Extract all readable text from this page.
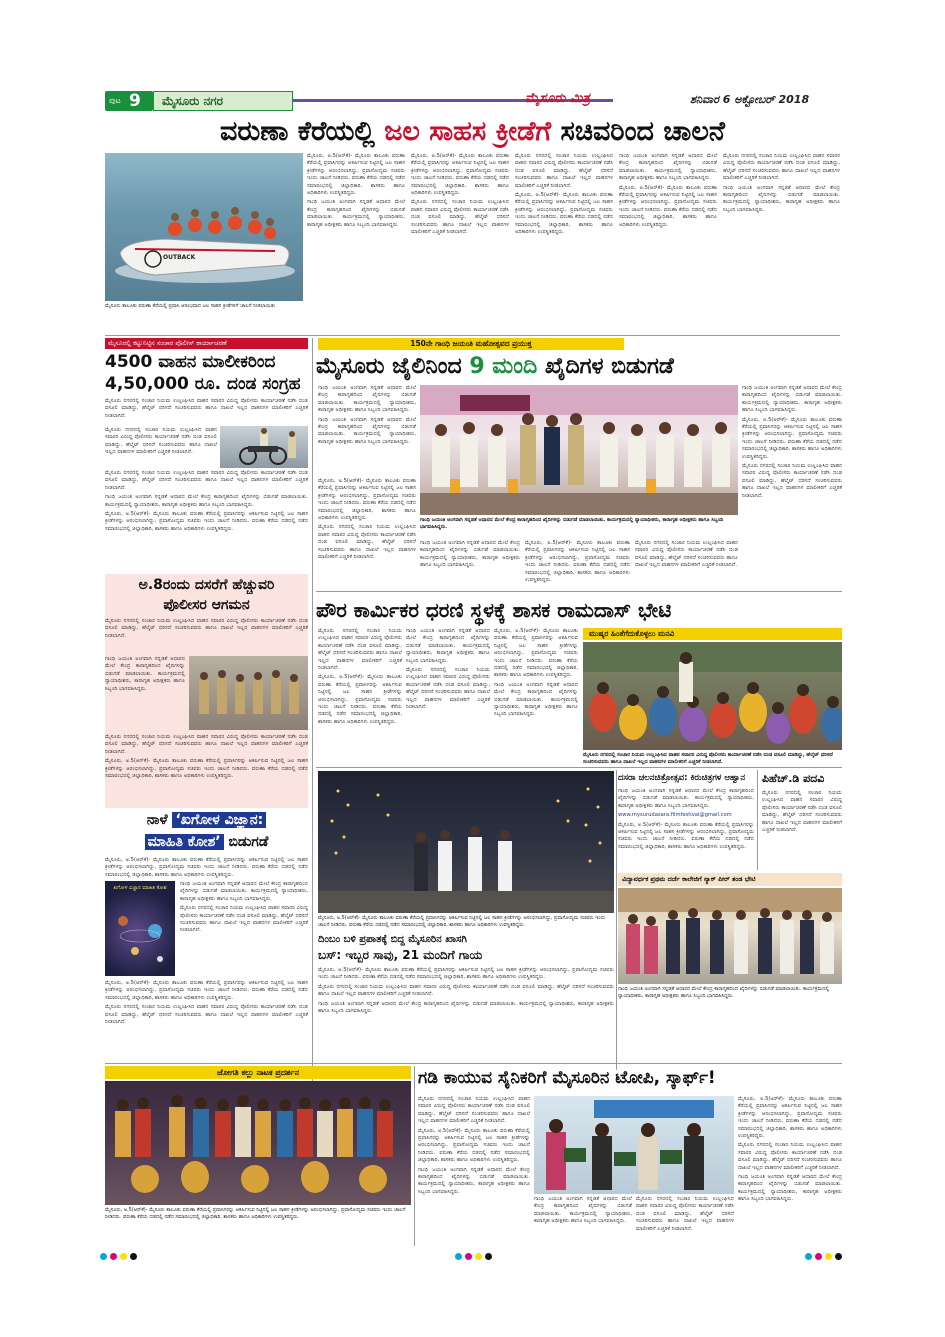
ಪುಟ 9 ಮೈಸೂರು ನಗರ	ಮೈಸೂರು ಮಿತ್ರ	ಶನಿವಾರ 6 ಅಕ್ಟೋಬರ್ 2018
ವರುಣಾ ಕೆರೆಯಲ್ಲಿ ಜಲ ಸಾಹಸ ಕ್ರೀಡೆಗೆ ಸಚಿವರಿಂದ ಚಾಲನೆ
OUTBACK
ಮೈಸೂರು ತಾಲೂಕು ವರುಣಾ ಕೆರೆಯಲ್ಲಿ ಪ್ರವಾಸಿ ಆರಂಭವಾದ ಜಲ ಸಾಹಸ ಕ್ರೀಡೆಗಳಿಗೆ ಚಾಲನೆ ನೀಡಲಾಯಿತು

ಮೈಸೂರು, ಅ.5(ಆರ್‌ಕೆ)- ಮೈಸೂರು ತಾಲೂಕು ವರುಣಾ ಕೆರೆಯಲ್ಲಿ ಪ್ರವಾಸಿಗರನ್ನು ಆಕರ್ಷಿಸುವ ನಿಟ್ಟಿನಲ್ಲಿ ಜಲ ಸಾಹಸ ಕ್ರೀಡೆಗಳನ್ನು ಆರಂಭಿಸಲಾಗಿದ್ದು, ಪ್ರವಾಸೋದ್ಯಮ ಸಚಿವರು ಇಂದು ಚಾಲನೆ ನೀಡಿದರು. ವರುಣಾ ಕೆರೆಯ ದಡದಲ್ಲಿ ನಡೆದ ಸಮಾರಂಭದಲ್ಲಿ ಜಿಲ್ಲಾಧಿಕಾರಿ, ಶಾಸಕರು ಹಾಗೂ ಅಧಿಕಾರಿಗಳು ಉಪಸ್ಥಿತರಿದ್ದರು.

ಗಾಂಧಿ ಜಯಂತಿ ಅಂಗವಾಗಿ ಸನ್ನಡತೆ ಆಧಾರದ ಮೇಲೆ ಕೇಂದ್ರ ಕಾರಾಗೃಹದಿಂದ ಖೈದಿಗಳನ್ನು ಬಿಡುಗಡೆ ಮಾಡಲಾಯಿತು. ಕಾರ್ಯಕ್ರಮದಲ್ಲಿ ನ್ಯಾಯಾಧೀಶರು, ಕಾರಾಗೃಹ ಅಧೀಕ್ಷಕರು ಹಾಗೂ ಸಿಬ್ಬಂದಿ ಭಾಗವಹಿಸಿದ್ದರು.

ಮೈಸೂರು, ಅ.5(ಆರ್‌ಕೆ)- ಮೈಸೂರು ತಾಲೂಕು ವರುಣಾ ಕೆರೆಯಲ್ಲಿ ಪ್ರವಾಸಿಗರನ್ನು ಆಕರ್ಷಿಸುವ ನಿಟ್ಟಿನಲ್ಲಿ ಜಲ ಸಾಹಸ ಕ್ರೀಡೆಗಳನ್ನು ಆರಂಭಿಸಲಾಗಿದ್ದು, ಪ್ರವಾಸೋದ್ಯಮ ಸಚಿವರು ಇಂದು ಚಾಲನೆ ನೀಡಿದರು. ವರುಣಾ ಕೆರೆಯ ದಡದಲ್ಲಿ ನಡೆದ ಸಮಾರಂಭದಲ್ಲಿ ಜಿಲ್ಲಾಧಿಕಾರಿ, ಶಾಸಕರು ಹಾಗೂ ಅಧಿಕಾರಿಗಳು ಉಪಸ್ಥಿತರಿದ್ದರು.

ಮೈಸೂರು ನಗರದಲ್ಲಿ ಸಂಚಾರ ನಿಯಮ ಉಲ್ಲಂಘಿಸಿದ ವಾಹನ ಸವಾರರ ವಿರುದ್ಧ ಪೊಲೀಸರು ಕಾರ್ಯಾಚರಣೆ ನಡೆಸಿ ದಂಡ ವಸೂಲಿ ಮಾಡಿದ್ದು, ಹೆಲ್ಮೆಟ್ ಧರಿಸದೆ ಸಂಚರಿಸುವವರು ಹಾಗೂ ದಾಖಲೆ ಇಲ್ಲದ ವಾಹನಗಳ ಮಾಲೀಕರಿಗೆ ಎಚ್ಚರಿಕೆ ನೀಡಲಾಗಿದೆ.

ಮೈಸೂರು ನಗರದಲ್ಲಿ ಸಂಚಾರ ನಿಯಮ ಉಲ್ಲಂಘಿಸಿದ ವಾಹನ ಸವಾರರ ವಿರುದ್ಧ ಪೊಲೀಸರು ಕಾರ್ಯಾಚರಣೆ ನಡೆಸಿ ದಂಡ ವಸೂಲಿ ಮಾಡಿದ್ದು, ಹೆಲ್ಮೆಟ್ ಧರಿಸದೆ ಸಂಚರಿಸುವವರು ಹಾಗೂ ದಾಖಲೆ ಇಲ್ಲದ ವಾಹನಗಳ ಮಾಲೀಕರಿಗೆ ಎಚ್ಚರಿಕೆ ನೀಡಲಾಗಿದೆ.

ಮೈಸೂರು, ಅ.5(ಆರ್‌ಕೆ)- ಮೈಸೂರು ತಾಲೂಕು ವರುಣಾ ಕೆರೆಯಲ್ಲಿ ಪ್ರವಾಸಿಗರನ್ನು ಆಕರ್ಷಿಸುವ ನಿಟ್ಟಿನಲ್ಲಿ ಜಲ ಸಾಹಸ ಕ್ರೀಡೆಗಳನ್ನು ಆರಂಭಿಸಲಾಗಿದ್ದು, ಪ್ರವಾಸೋದ್ಯಮ ಸಚಿವರು ಇಂದು ಚಾಲನೆ ನೀಡಿದರು. ವರುಣಾ ಕೆರೆಯ ದಡದಲ್ಲಿ ನಡೆದ ಸಮಾರಂಭದಲ್ಲಿ ಜಿಲ್ಲಾಧಿಕಾರಿ, ಶಾಸಕರು ಹಾಗೂ ಅಧಿಕಾರಿಗಳು ಉಪಸ್ಥಿತರಿದ್ದರು.

ಗಾಂಧಿ ಜಯಂತಿ ಅಂಗವಾಗಿ ಸನ್ನಡತೆ ಆಧಾರದ ಮೇಲೆ ಕೇಂದ್ರ ಕಾರಾಗೃಹದಿಂದ ಖೈದಿಗಳನ್ನು ಬಿಡುಗಡೆ ಮಾಡಲಾಯಿತು. ಕಾರ್ಯಕ್ರಮದಲ್ಲಿ ನ್ಯಾಯಾಧೀಶರು, ಕಾರಾಗೃಹ ಅಧೀಕ್ಷಕರು ಹಾಗೂ ಸಿಬ್ಬಂದಿ ಭಾಗವಹಿಸಿದ್ದರು.

ಮೈಸೂರು, ಅ.5(ಆರ್‌ಕೆ)- ಮೈಸೂರು ತಾಲೂಕು ವರುಣಾ ಕೆರೆಯಲ್ಲಿ ಪ್ರವಾಸಿಗರನ್ನು ಆಕರ್ಷಿಸುವ ನಿಟ್ಟಿನಲ್ಲಿ ಜಲ ಸಾಹಸ ಕ್ರೀಡೆಗಳನ್ನು ಆರಂಭಿಸಲಾಗಿದ್ದು, ಪ್ರವಾಸೋದ್ಯಮ ಸಚಿವರು ಇಂದು ಚಾಲನೆ ನೀಡಿದರು. ವರುಣಾ ಕೆರೆಯ ದಡದಲ್ಲಿ ನಡೆದ ಸಮಾರಂಭದಲ್ಲಿ ಜಿಲ್ಲಾಧಿಕಾರಿ, ಶಾಸಕರು ಹಾಗೂ ಅಧಿಕಾರಿಗಳು ಉಪಸ್ಥಿತರಿದ್ದರು.

ಮೈಸೂರು ನಗರದಲ್ಲಿ ಸಂಚಾರ ನಿಯಮ ಉಲ್ಲಂಘಿಸಿದ ವಾಹನ ಸವಾರರ ವಿರುದ್ಧ ಪೊಲೀಸರು ಕಾರ್ಯಾಚರಣೆ ನಡೆಸಿ ದಂಡ ವಸೂಲಿ ಮಾಡಿದ್ದು, ಹೆಲ್ಮೆಟ್ ಧರಿಸದೆ ಸಂಚರಿಸುವವರು ಹಾಗೂ ದಾಖಲೆ ಇಲ್ಲದ ವಾಹನಗಳ ಮಾಲೀಕರಿಗೆ ಎಚ್ಚರಿಕೆ ನೀಡಲಾಗಿದೆ.

ಗಾಂಧಿ ಜಯಂತಿ ಅಂಗವಾಗಿ ಸನ್ನಡತೆ ಆಧಾರದ ಮೇಲೆ ಕೇಂದ್ರ ಕಾರಾಗೃಹದಿಂದ ಖೈದಿಗಳನ್ನು ಬಿಡುಗಡೆ ಮಾಡಲಾಯಿತು. ಕಾರ್ಯಕ್ರಮದಲ್ಲಿ ನ್ಯಾಯಾಧೀಶರು, ಕಾರಾಗೃಹ ಅಧೀಕ್ಷಕರು ಹಾಗೂ ಸಿಬ್ಬಂದಿ ಭಾಗವಹಿಸಿದ್ದರು.

ಮೈಸೂರಲ್ಲಿ ಕಟ್ಟುನಿಟ್ಟಿನ ಸಂಚಾರ ಪೊಲೀಸ್ ಕಾರ್ಯಾಚರಣೆ
4500 ವಾಹನ ಮಾಲೀಕರಿಂದ
4,50,000 ರೂ. ದಂಡ ಸಂಗ್ರಹ

ಮೈಸೂರು ನಗರದಲ್ಲಿ ಸಂಚಾರ ನಿಯಮ ಉಲ್ಲಂಘಿಸಿದ ವಾಹನ ಸವಾರರ ವಿರುದ್ಧ ಪೊಲೀಸರು ಕಾರ್ಯಾಚರಣೆ ನಡೆಸಿ ದಂಡ ವಸೂಲಿ ಮಾಡಿದ್ದು, ಹೆಲ್ಮೆಟ್ ಧರಿಸದೆ ಸಂಚರಿಸುವವರು ಹಾಗೂ ದಾಖಲೆ ಇಲ್ಲದ ವಾಹನಗಳ ಮಾಲೀಕರಿಗೆ ಎಚ್ಚರಿಕೆ ನೀಡಲಾಗಿದೆ.

ಮೈಸೂರು ನಗರದಲ್ಲಿ ಸಂಚಾರ ನಿಯಮ ಉಲ್ಲಂಘಿಸಿದ ವಾಹನ ಸವಾರರ ವಿರುದ್ಧ ಪೊಲೀಸರು ಕಾರ್ಯಾಚರಣೆ ನಡೆಸಿ ದಂಡ ವಸೂಲಿ ಮಾಡಿದ್ದು, ಹೆಲ್ಮೆಟ್ ಧರಿಸದೆ ಸಂಚರಿಸುವವರು ಹಾಗೂ ದಾಖಲೆ ಇಲ್ಲದ ವಾಹನಗಳ ಮಾಲೀಕರಿಗೆ ಎಚ್ಚರಿಕೆ ನೀಡಲಾಗಿದೆ.

ಮೈಸೂರು ನಗರದಲ್ಲಿ ಸಂಚಾರ ನಿಯಮ ಉಲ್ಲಂಘಿಸಿದ ವಾಹನ ಸವಾರರ ವಿರುದ್ಧ ಪೊಲೀಸರು ಕಾರ್ಯಾಚರಣೆ ನಡೆಸಿ ದಂಡ ವಸೂಲಿ ಮಾಡಿದ್ದು, ಹೆಲ್ಮೆಟ್ ಧರಿಸದೆ ಸಂಚರಿಸುವವರು ಹಾಗೂ ದಾಖಲೆ ಇಲ್ಲದ ವಾಹನಗಳ ಮಾಲೀಕರಿಗೆ ಎಚ್ಚರಿಕೆ ನೀಡಲಾಗಿದೆ.

ಗಾಂಧಿ ಜಯಂತಿ ಅಂಗವಾಗಿ ಸನ್ನಡತೆ ಆಧಾರದ ಮೇಲೆ ಕೇಂದ್ರ ಕಾರಾಗೃಹದಿಂದ ಖೈದಿಗಳನ್ನು ಬಿಡುಗಡೆ ಮಾಡಲಾಯಿತು. ಕಾರ್ಯಕ್ರಮದಲ್ಲಿ ನ್ಯಾಯಾಧೀಶರು, ಕಾರಾಗೃಹ ಅಧೀಕ್ಷಕರು ಹಾಗೂ ಸಿಬ್ಬಂದಿ ಭಾಗವಹಿಸಿದ್ದರು.

ಮೈಸೂರು, ಅ.5(ಆರ್‌ಕೆ)- ಮೈಸೂರು ತಾಲೂಕು ವರುಣಾ ಕೆರೆಯಲ್ಲಿ ಪ್ರವಾಸಿಗರನ್ನು ಆಕರ್ಷಿಸುವ ನಿಟ್ಟಿನಲ್ಲಿ ಜಲ ಸಾಹಸ ಕ್ರೀಡೆಗಳನ್ನು ಆರಂಭಿಸಲಾಗಿದ್ದು, ಪ್ರವಾಸೋದ್ಯಮ ಸಚಿವರು ಇಂದು ಚಾಲನೆ ನೀಡಿದರು. ವರುಣಾ ಕೆರೆಯ ದಡದಲ್ಲಿ ನಡೆದ ಸಮಾರಂಭದಲ್ಲಿ ಜಿಲ್ಲಾಧಿಕಾರಿ, ಶಾಸಕರು ಹಾಗೂ ಅಧಿಕಾರಿಗಳು ಉಪಸ್ಥಿತರಿದ್ದರು.

ಅ.8ರಂದು ದಸರೆಗೆ ಹೆಚ್ಚುವರಿ
ಪೊಲೀಸರ ಆಗಮನ

ಮೈಸೂರು ನಗರದಲ್ಲಿ ಸಂಚಾರ ನಿಯಮ ಉಲ್ಲಂಘಿಸಿದ ವಾಹನ ಸವಾರರ ವಿರುದ್ಧ ಪೊಲೀಸರು ಕಾರ್ಯಾಚರಣೆ ನಡೆಸಿ ದಂಡ ವಸೂಲಿ ಮಾಡಿದ್ದು, ಹೆಲ್ಮೆಟ್ ಧರಿಸದೆ ಸಂಚರಿಸುವವರು ಹಾಗೂ ದಾಖಲೆ ಇಲ್ಲದ ವಾಹನಗಳ ಮಾಲೀಕರಿಗೆ ಎಚ್ಚರಿಕೆ ನೀಡಲಾಗಿದೆ.

ಗಾಂಧಿ ಜಯಂತಿ ಅಂಗವಾಗಿ ಸನ್ನಡತೆ ಆಧಾರದ ಮೇಲೆ ಕೇಂದ್ರ ಕಾರಾಗೃಹದಿಂದ ಖೈದಿಗಳನ್ನು ಬಿಡುಗಡೆ ಮಾಡಲಾಯಿತು. ಕಾರ್ಯಕ್ರಮದಲ್ಲಿ ನ್ಯಾಯಾಧೀಶರು, ಕಾರಾಗೃಹ ಅಧೀಕ್ಷಕರು ಹಾಗೂ ಸಿಬ್ಬಂದಿ ಭಾಗವಹಿಸಿದ್ದರು.

ಮೈಸೂರು ನಗರದಲ್ಲಿ ಸಂಚಾರ ನಿಯಮ ಉಲ್ಲಂಘಿಸಿದ ವಾಹನ ಸವಾರರ ವಿರುದ್ಧ ಪೊಲೀಸರು ಕಾರ್ಯಾಚರಣೆ ನಡೆಸಿ ದಂಡ ವಸೂಲಿ ಮಾಡಿದ್ದು, ಹೆಲ್ಮೆಟ್ ಧರಿಸದೆ ಸಂಚರಿಸುವವರು ಹಾಗೂ ದಾಖಲೆ ಇಲ್ಲದ ವಾಹನಗಳ ಮಾಲೀಕರಿಗೆ ಎಚ್ಚರಿಕೆ ನೀಡಲಾಗಿದೆ.

ಮೈಸೂರು, ಅ.5(ಆರ್‌ಕೆ)- ಮೈಸೂರು ತಾಲೂಕು ವರುಣಾ ಕೆರೆಯಲ್ಲಿ ಪ್ರವಾಸಿಗರನ್ನು ಆಕರ್ಷಿಸುವ ನಿಟ್ಟಿನಲ್ಲಿ ಜಲ ಸಾಹಸ ಕ್ರೀಡೆಗಳನ್ನು ಆರಂಭಿಸಲಾಗಿದ್ದು, ಪ್ರವಾಸೋದ್ಯಮ ಸಚಿವರು ಇಂದು ಚಾಲನೆ ನೀಡಿದರು. ವರುಣಾ ಕೆರೆಯ ದಡದಲ್ಲಿ ನಡೆದ ಸಮಾರಂಭದಲ್ಲಿ ಜಿಲ್ಲಾಧಿಕಾರಿ, ಶಾಸಕರು ಹಾಗೂ ಅಧಿಕಾರಿಗಳು ಉಪಸ್ಥಿತರಿದ್ದರು.

ನಾಳೆ ‘ಖಗೋಳ ವಿಜ್ಞಾನ:
ಮಾಹಿತಿ ಕೋಶ’ ಬಿಡುಗಡೆ

ಮೈಸೂರು, ಅ.5(ಆರ್‌ಕೆ)- ಮೈಸೂರು ತಾಲೂಕು ವರುಣಾ ಕೆರೆಯಲ್ಲಿ ಪ್ರವಾಸಿಗರನ್ನು ಆಕರ್ಷಿಸುವ ನಿಟ್ಟಿನಲ್ಲಿ ಜಲ ಸಾಹಸ ಕ್ರೀಡೆಗಳನ್ನು ಆರಂಭಿಸಲಾಗಿದ್ದು, ಪ್ರವಾಸೋದ್ಯಮ ಸಚಿವರು ಇಂದು ಚಾಲನೆ ನೀಡಿದರು. ವರುಣಾ ಕೆರೆಯ ದಡದಲ್ಲಿ ನಡೆದ ಸಮಾರಂಭದಲ್ಲಿ ಜಿಲ್ಲಾಧಿಕಾರಿ, ಶಾಸಕರು ಹಾಗೂ ಅಧಿಕಾರಿಗಳು ಉಪಸ್ಥಿತರಿದ್ದರು.

ಖಗೋಳ ವಿಜ್ಞಾನ ಮಾಹಿತಿ ಕೋಶ

ಗಾಂಧಿ ಜಯಂತಿ ಅಂಗವಾಗಿ ಸನ್ನಡತೆ ಆಧಾರದ ಮೇಲೆ ಕೇಂದ್ರ ಕಾರಾಗೃಹದಿಂದ ಖೈದಿಗಳನ್ನು ಬಿಡುಗಡೆ ಮಾಡಲಾಯಿತು. ಕಾರ್ಯಕ್ರಮದಲ್ಲಿ ನ್ಯಾಯಾಧೀಶರು, ಕಾರಾಗೃಹ ಅಧೀಕ್ಷಕರು ಹಾಗೂ ಸಿಬ್ಬಂದಿ ಭಾಗವಹಿಸಿದ್ದರು.

ಮೈಸೂರು ನಗರದಲ್ಲಿ ಸಂಚಾರ ನಿಯಮ ಉಲ್ಲಂಘಿಸಿದ ವಾಹನ ಸವಾರರ ವಿರುದ್ಧ ಪೊಲೀಸರು ಕಾರ್ಯಾಚರಣೆ ನಡೆಸಿ ದಂಡ ವಸೂಲಿ ಮಾಡಿದ್ದು, ಹೆಲ್ಮೆಟ್ ಧರಿಸದೆ ಸಂಚರಿಸುವವರು ಹಾಗೂ ದಾಖಲೆ ಇಲ್ಲದ ವಾಹನಗಳ ಮಾಲೀಕರಿಗೆ ಎಚ್ಚರಿಕೆ ನೀಡಲಾಗಿದೆ.

ಮೈಸೂರು, ಅ.5(ಆರ್‌ಕೆ)- ಮೈಸೂರು ತಾಲೂಕು ವರುಣಾ ಕೆರೆಯಲ್ಲಿ ಪ್ರವಾಸಿಗರನ್ನು ಆಕರ್ಷಿಸುವ ನಿಟ್ಟಿನಲ್ಲಿ ಜಲ ಸಾಹಸ ಕ್ರೀಡೆಗಳನ್ನು ಆರಂಭಿಸಲಾಗಿದ್ದು, ಪ್ರವಾಸೋದ್ಯಮ ಸಚಿವರು ಇಂದು ಚಾಲನೆ ನೀಡಿದರು. ವರುಣಾ ಕೆರೆಯ ದಡದಲ್ಲಿ ನಡೆದ ಸಮಾರಂಭದಲ್ಲಿ ಜಿಲ್ಲಾಧಿಕಾರಿ, ಶಾಸಕರು ಹಾಗೂ ಅಧಿಕಾರಿಗಳು ಉಪಸ್ಥಿತರಿದ್ದರು.

ಮೈಸೂರು ನಗರದಲ್ಲಿ ಸಂಚಾರ ನಿಯಮ ಉಲ್ಲಂಘಿಸಿದ ವಾಹನ ಸವಾರರ ವಿರುದ್ಧ ಪೊಲೀಸರು ಕಾರ್ಯಾಚರಣೆ ನಡೆಸಿ ದಂಡ ವಸೂಲಿ ಮಾಡಿದ್ದು, ಹೆಲ್ಮೆಟ್ ಧರಿಸದೆ ಸಂಚರಿಸುವವರು ಹಾಗೂ ದಾಖಲೆ ಇಲ್ಲದ ವಾಹನಗಳ ಮಾಲೀಕರಿಗೆ ಎಚ್ಚರಿಕೆ ನೀಡಲಾಗಿದೆ.

150ನೇ ಗಾಂಧಿ ಜಯಂತಿ ಮಹೋತ್ಸವದ ಪ್ರಯುಕ್ತ
ಮೈಸೂರು ಜೈಲಿನಿಂದ 9 ಮಂದಿ ಖೈದಿಗಳ ಬಿಡುಗಡೆ

ಗಾಂಧಿ ಜಯಂತಿ ಅಂಗವಾಗಿ ಸನ್ನಡತೆ ಆಧಾರದ ಮೇಲೆ ಕೇಂದ್ರ ಕಾರಾಗೃಹದಿಂದ ಖೈದಿಗಳನ್ನು ಬಿಡುಗಡೆ ಮಾಡಲಾಯಿತು. ಕಾರ್ಯಕ್ರಮದಲ್ಲಿ ನ್ಯಾಯಾಧೀಶರು, ಕಾರಾಗೃಹ ಅಧೀಕ್ಷಕರು ಹಾಗೂ ಸಿಬ್ಬಂದಿ ಭಾಗವಹಿಸಿದ್ದರು.

ಗಾಂಧಿ ಜಯಂತಿ ಅಂಗವಾಗಿ ಸನ್ನಡತೆ ಆಧಾರದ ಮೇಲೆ ಕೇಂದ್ರ ಕಾರಾಗೃಹದಿಂದ ಖೈದಿಗಳನ್ನು ಬಿಡುಗಡೆ ಮಾಡಲಾಯಿತು. ಕಾರ್ಯಕ್ರಮದಲ್ಲಿ ನ್ಯಾಯಾಧೀಶರು, ಕಾರಾಗೃಹ ಅಧೀಕ್ಷಕರು ಹಾಗೂ ಸಿಬ್ಬಂದಿ ಭಾಗವಹಿಸಿದ್ದರು.

ಗಾಂಧಿ ಜಯಂತಿ ಅಂಗವಾಗಿ ಸನ್ನಡತೆ ಆಧಾರದ ಮೇಲೆ ಕೇಂದ್ರ ಕಾರಾಗೃಹದಿಂದ ಖೈದಿಗಳನ್ನು ಬಿಡುಗಡೆ ಮಾಡಲಾಯಿತು. ಕಾರ್ಯಕ್ರಮದಲ್ಲಿ ನ್ಯಾಯಾಧೀಶರು, ಕಾರಾಗೃಹ ಅಧೀಕ್ಷಕರು ಹಾಗೂ ಸಿಬ್ಬಂದಿ ಭಾಗವಹಿಸಿದ್ದರು.

ಮೈಸೂರು, ಅ.5(ಆರ್‌ಕೆ)- ಮೈಸೂರು ತಾಲೂಕು ವರುಣಾ ಕೆರೆಯಲ್ಲಿ ಪ್ರವಾಸಿಗರನ್ನು ಆಕರ್ಷಿಸುವ ನಿಟ್ಟಿನಲ್ಲಿ ಜಲ ಸಾಹಸ ಕ್ರೀಡೆಗಳನ್ನು ಆರಂಭಿಸಲಾಗಿದ್ದು, ಪ್ರವಾಸೋದ್ಯಮ ಸಚಿವರು ಇಂದು ಚಾಲನೆ ನೀಡಿದರು. ವರುಣಾ ಕೆರೆಯ ದಡದಲ್ಲಿ ನಡೆದ ಸಮಾರಂಭದಲ್ಲಿ ಜಿಲ್ಲಾಧಿಕಾರಿ, ಶಾಸಕರು ಹಾಗೂ ಅಧಿಕಾರಿಗಳು ಉಪಸ್ಥಿತರಿದ್ದರು.

ಮೈಸೂರು ನಗರದಲ್ಲಿ ಸಂಚಾರ ನಿಯಮ ಉಲ್ಲಂಘಿಸಿದ ವಾಹನ ಸವಾರರ ವಿರುದ್ಧ ಪೊಲೀಸರು ಕಾರ್ಯಾಚರಣೆ ನಡೆಸಿ ದಂಡ ವಸೂಲಿ ಮಾಡಿದ್ದು, ಹೆಲ್ಮೆಟ್ ಧರಿಸದೆ ಸಂಚರಿಸುವವರು ಹಾಗೂ ದಾಖಲೆ ಇಲ್ಲದ ವಾಹನಗಳ ಮಾಲೀಕರಿಗೆ ಎಚ್ಚರಿಕೆ ನೀಡಲಾಗಿದೆ.

ಮೈಸೂರು, ಅ.5(ಆರ್‌ಕೆ)- ಮೈಸೂರು ತಾಲೂಕು ವರುಣಾ ಕೆರೆಯಲ್ಲಿ ಪ್ರವಾಸಿಗರನ್ನು ಆಕರ್ಷಿಸುವ ನಿಟ್ಟಿನಲ್ಲಿ ಜಲ ಸಾಹಸ ಕ್ರೀಡೆಗಳನ್ನು ಆರಂಭಿಸಲಾಗಿದ್ದು, ಪ್ರವಾಸೋದ್ಯಮ ಸಚಿವರು ಇಂದು ಚಾಲನೆ ನೀಡಿದರು. ವರುಣಾ ಕೆರೆಯ ದಡದಲ್ಲಿ ನಡೆದ ಸಮಾರಂಭದಲ್ಲಿ ಜಿಲ್ಲಾಧಿಕಾರಿ, ಶಾಸಕರು ಹಾಗೂ ಅಧಿಕಾರಿಗಳು ಉಪಸ್ಥಿತರಿದ್ದರು.

ಮೈಸೂರು ನಗರದಲ್ಲಿ ಸಂಚಾರ ನಿಯಮ ಉಲ್ಲಂಘಿಸಿದ ವಾಹನ ಸವಾರರ ವಿರುದ್ಧ ಪೊಲೀಸರು ಕಾರ್ಯಾಚರಣೆ ನಡೆಸಿ ದಂಡ ವಸೂಲಿ ಮಾಡಿದ್ದು, ಹೆಲ್ಮೆಟ್ ಧರಿಸದೆ ಸಂಚರಿಸುವವರು ಹಾಗೂ ದಾಖಲೆ ಇಲ್ಲದ ವಾಹನಗಳ ಮಾಲೀಕರಿಗೆ ಎಚ್ಚರಿಕೆ ನೀಡಲಾಗಿದೆ.

ಗಾಂಧಿ ಜಯಂತಿ ಅಂಗವಾಗಿ ಸನ್ನಡತೆ ಆಧಾರದ ಮೇಲೆ ಕೇಂದ್ರ ಕಾರಾಗೃಹದಿಂದ ಖೈದಿಗಳನ್ನು ಬಿಡುಗಡೆ ಮಾಡಲಾಯಿತು. ಕಾರ್ಯಕ್ರಮದಲ್ಲಿ ನ್ಯಾಯಾಧೀಶರು, ಕಾರಾಗೃಹ ಅಧೀಕ್ಷಕರು ಹಾಗೂ ಸಿಬ್ಬಂದಿ ಭಾಗವಹಿಸಿದ್ದರು.

ಗಾಂಧಿ ಜಯಂತಿ ಅಂಗವಾಗಿ ಸನ್ನಡತೆ ಆಧಾರದ ಮೇಲೆ ಕೇಂದ್ರ ಕಾರಾಗೃಹದಿಂದ ಖೈದಿಗಳನ್ನು ಬಿಡುಗಡೆ ಮಾಡಲಾಯಿತು. ಕಾರ್ಯಕ್ರಮದಲ್ಲಿ ನ್ಯಾಯಾಧೀಶರು, ಕಾರಾಗೃಹ ಅಧೀಕ್ಷಕರು ಹಾಗೂ ಸಿಬ್ಬಂದಿ ಭಾಗವಹಿಸಿದ್ದರು.

ಮೈಸೂರು, ಅ.5(ಆರ್‌ಕೆ)- ಮೈಸೂರು ತಾಲೂಕು ವರುಣಾ ಕೆರೆಯಲ್ಲಿ ಪ್ರವಾಸಿಗರನ್ನು ಆಕರ್ಷಿಸುವ ನಿಟ್ಟಿನಲ್ಲಿ ಜಲ ಸಾಹಸ ಕ್ರೀಡೆಗಳನ್ನು ಆರಂಭಿಸಲಾಗಿದ್ದು, ಪ್ರವಾಸೋದ್ಯಮ ಸಚಿವರು ಇಂದು ಚಾಲನೆ ನೀಡಿದರು. ವರುಣಾ ಕೆರೆಯ ದಡದಲ್ಲಿ ನಡೆದ ಸಮಾರಂಭದಲ್ಲಿ ಜಿಲ್ಲಾಧಿಕಾರಿ, ಶಾಸಕರು ಹಾಗೂ ಅಧಿಕಾರಿಗಳು ಉಪಸ್ಥಿತರಿದ್ದರು.

ಮೈಸೂರು ನಗರದಲ್ಲಿ ಸಂಚಾರ ನಿಯಮ ಉಲ್ಲಂಘಿಸಿದ ವಾಹನ ಸವಾರರ ವಿರುದ್ಧ ಪೊಲೀಸರು ಕಾರ್ಯಾಚರಣೆ ನಡೆಸಿ ದಂಡ ವಸೂಲಿ ಮಾಡಿದ್ದು, ಹೆಲ್ಮೆಟ್ ಧರಿಸದೆ ಸಂಚರಿಸುವವರು ಹಾಗೂ ದಾಖಲೆ ಇಲ್ಲದ ವಾಹನಗಳ ಮಾಲೀಕರಿಗೆ ಎಚ್ಚರಿಕೆ ನೀಡಲಾಗಿದೆ.

ಪೌರ ಕಾರ್ಮಿಕರ ಧರಣಿ ಸ್ಥಳಕ್ಕೆ ಶಾಸಕ ರಾಮದಾಸ್ ಭೇಟಿ

ಮೈಸೂರು ನಗರದಲ್ಲಿ ಸಂಚಾರ ನಿಯಮ ಉಲ್ಲಂಘಿಸಿದ ವಾಹನ ಸವಾರರ ವಿರುದ್ಧ ಪೊಲೀಸರು ಕಾರ್ಯಾಚರಣೆ ನಡೆಸಿ ದಂಡ ವಸೂಲಿ ಮಾಡಿದ್ದು, ಹೆಲ್ಮೆಟ್ ಧರಿಸದೆ ಸಂಚರಿಸುವವರು ಹಾಗೂ ದಾಖಲೆ ಇಲ್ಲದ ವಾಹನಗಳ ಮಾಲೀಕರಿಗೆ ಎಚ್ಚರಿಕೆ ನೀಡಲಾಗಿದೆ.

ಮೈಸೂರು, ಅ.5(ಆರ್‌ಕೆ)- ಮೈಸೂರು ತಾಲೂಕು ವರುಣಾ ಕೆರೆಯಲ್ಲಿ ಪ್ರವಾಸಿಗರನ್ನು ಆಕರ್ಷಿಸುವ ನಿಟ್ಟಿನಲ್ಲಿ ಜಲ ಸಾಹಸ ಕ್ರೀಡೆಗಳನ್ನು ಆರಂಭಿಸಲಾಗಿದ್ದು, ಪ್ರವಾಸೋದ್ಯಮ ಸಚಿವರು ಇಂದು ಚಾಲನೆ ನೀಡಿದರು. ವರುಣಾ ಕೆರೆಯ ದಡದಲ್ಲಿ ನಡೆದ ಸಮಾರಂಭದಲ್ಲಿ ಜಿಲ್ಲಾಧಿಕಾರಿ, ಶಾಸಕರು ಹಾಗೂ ಅಧಿಕಾರಿಗಳು ಉಪಸ್ಥಿತರಿದ್ದರು.

ಗಾಂಧಿ ಜಯಂತಿ ಅಂಗವಾಗಿ ಸನ್ನಡತೆ ಆಧಾರದ ಮೇಲೆ ಕೇಂದ್ರ ಕಾರಾಗೃಹದಿಂದ ಖೈದಿಗಳನ್ನು ಬಿಡುಗಡೆ ಮಾಡಲಾಯಿತು. ಕಾರ್ಯಕ್ರಮದಲ್ಲಿ ನ್ಯಾಯಾಧೀಶರು, ಕಾರಾಗೃಹ ಅಧೀಕ್ಷಕರು ಹಾಗೂ ಸಿಬ್ಬಂದಿ ಭಾಗವಹಿಸಿದ್ದರು.

ಮೈಸೂರು ನಗರದಲ್ಲಿ ಸಂಚಾರ ನಿಯಮ ಉಲ್ಲಂಘಿಸಿದ ವಾಹನ ಸವಾರರ ವಿರುದ್ಧ ಪೊಲೀಸರು ಕಾರ್ಯಾಚರಣೆ ನಡೆಸಿ ದಂಡ ವಸೂಲಿ ಮಾಡಿದ್ದು, ಹೆಲ್ಮೆಟ್ ಧರಿಸದೆ ಸಂಚರಿಸುವವರು ಹಾಗೂ ದಾಖಲೆ ಇಲ್ಲದ ವಾಹನಗಳ ಮಾಲೀಕರಿಗೆ ಎಚ್ಚರಿಕೆ ನೀಡಲಾಗಿದೆ.

ಮೈಸೂರು, ಅ.5(ಆರ್‌ಕೆ)- ಮೈಸೂರು ತಾಲೂಕು ವರುಣಾ ಕೆರೆಯಲ್ಲಿ ಪ್ರವಾಸಿಗರನ್ನು ಆಕರ್ಷಿಸುವ ನಿಟ್ಟಿನಲ್ಲಿ ಜಲ ಸಾಹಸ ಕ್ರೀಡೆಗಳನ್ನು ಆರಂಭಿಸಲಾಗಿದ್ದು, ಪ್ರವಾಸೋದ್ಯಮ ಸಚಿವರು ಇಂದು ಚಾಲನೆ ನೀಡಿದರು. ವರುಣಾ ಕೆರೆಯ ದಡದಲ್ಲಿ ನಡೆದ ಸಮಾರಂಭದಲ್ಲಿ ಜಿಲ್ಲಾಧಿಕಾರಿ, ಶಾಸಕರು ಹಾಗೂ ಅಧಿಕಾರಿಗಳು ಉಪಸ್ಥಿತರಿದ್ದರು.

ಗಾಂಧಿ ಜಯಂತಿ ಅಂಗವಾಗಿ ಸನ್ನಡತೆ ಆಧಾರದ ಮೇಲೆ ಕೇಂದ್ರ ಕಾರಾಗೃಹದಿಂದ ಖೈದಿಗಳನ್ನು ಬಿಡುಗಡೆ ಮಾಡಲಾಯಿತು. ಕಾರ್ಯಕ್ರಮದಲ್ಲಿ ನ್ಯಾಯಾಧೀಶರು, ಕಾರಾಗೃಹ ಅಧೀಕ್ಷಕರು ಹಾಗೂ ಸಿಬ್ಬಂದಿ ಭಾಗವಹಿಸಿದ್ದರು.

ಮುಷ್ಕರ ಹಿಂತೆಗೆದುಕೊಳ್ಳಲು ಮನವಿ
ಮೈಸೂರು ನಗರದಲ್ಲಿ ಸಂಚಾರ ನಿಯಮ ಉಲ್ಲಂಘಿಸಿದ ವಾಹನ ಸವಾರರ ವಿರುದ್ಧ ಪೊಲೀಸರು ಕಾರ್ಯಾಚರಣೆ ನಡೆಸಿ ದಂಡ ವಸೂಲಿ ಮಾಡಿದ್ದು, ಹೆಲ್ಮೆಟ್ ಧರಿಸದೆ ಸಂಚರಿಸುವವರು ಹಾಗೂ ದಾಖಲೆ ಇಲ್ಲದ ವಾಹನಗಳ ಮಾಲೀಕರಿಗೆ ಎಚ್ಚರಿಕೆ ನೀಡಲಾಗಿದೆ.
ಮೈಸೂರು, ಅ.5(ಆರ್‌ಕೆ)- ಮೈಸೂರು ತಾಲೂಕು ವರುಣಾ ಕೆರೆಯಲ್ಲಿ ಪ್ರವಾಸಿಗರನ್ನು ಆಕರ್ಷಿಸುವ ನಿಟ್ಟಿನಲ್ಲಿ ಜಲ ಸಾಹಸ ಕ್ರೀಡೆಗಳನ್ನು ಆರಂಭಿಸಲಾಗಿದ್ದು, ಪ್ರವಾಸೋದ್ಯಮ ಸಚಿವರು ಇಂದು ಚಾಲನೆ ನೀಡಿದರು. ವರುಣಾ ಕೆರೆಯ ದಡದಲ್ಲಿ ನಡೆದ ಸಮಾರಂಭದಲ್ಲಿ ಜಿಲ್ಲಾಧಿಕಾರಿ, ಶಾಸಕರು ಹಾಗೂ ಅಧಿಕಾರಿಗಳು ಉಪಸ್ಥಿತರಿದ್ದರು.
ದಸರಾ ಚಲನಚಿತ್ರೋತ್ಸವ: ಕಿರುಚಿತ್ರಗಳ ಆಹ್ವಾನ

ಗಾಂಧಿ ಜಯಂತಿ ಅಂಗವಾಗಿ ಸನ್ನಡತೆ ಆಧಾರದ ಮೇಲೆ ಕೇಂದ್ರ ಕಾರಾಗೃಹದಿಂದ ಖೈದಿಗಳನ್ನು ಬಿಡುಗಡೆ ಮಾಡಲಾಯಿತು. ಕಾರ್ಯಕ್ರಮದಲ್ಲಿ ನ್ಯಾಯಾಧೀಶರು, ಕಾರಾಗೃಹ ಅಧೀಕ್ಷಕರು ಹಾಗೂ ಸಿಬ್ಬಂದಿ ಭಾಗವಹಿಸಿದ್ದರು.

www.mysurudasara.filmfestival@gmail.com

ಮೈಸೂರು, ಅ.5(ಆರ್‌ಕೆ)- ಮೈಸೂರು ತಾಲೂಕು ವರುಣಾ ಕೆರೆಯಲ್ಲಿ ಪ್ರವಾಸಿಗರನ್ನು ಆಕರ್ಷಿಸುವ ನಿಟ್ಟಿನಲ್ಲಿ ಜಲ ಸಾಹಸ ಕ್ರೀಡೆಗಳನ್ನು ಆರಂಭಿಸಲಾಗಿದ್ದು, ಪ್ರವಾಸೋದ್ಯಮ ಸಚಿವರು ಇಂದು ಚಾಲನೆ ನೀಡಿದರು. ವರುಣಾ ಕೆರೆಯ ದಡದಲ್ಲಿ ನಡೆದ ಸಮಾರಂಭದಲ್ಲಿ ಜಿಲ್ಲಾಧಿಕಾರಿ, ಶಾಸಕರು ಹಾಗೂ ಅಧಿಕಾರಿಗಳು ಉಪಸ್ಥಿತರಿದ್ದರು.

ಪಿಹೆಚ್.ಡಿ ಪದವಿ

ಮೈಸೂರು ನಗರದಲ್ಲಿ ಸಂಚಾರ ನಿಯಮ ಉಲ್ಲಂಘಿಸಿದ ವಾಹನ ಸವಾರರ ವಿರುದ್ಧ ಪೊಲೀಸರು ಕಾರ್ಯಾಚರಣೆ ನಡೆಸಿ ದಂಡ ವಸೂಲಿ ಮಾಡಿದ್ದು, ಹೆಲ್ಮೆಟ್ ಧರಿಸದೆ ಸಂಚರಿಸುವವರು ಹಾಗೂ ದಾಖಲೆ ಇಲ್ಲದ ವಾಹನಗಳ ಮಾಲೀಕರಿಗೆ ಎಚ್ಚರಿಕೆ ನೀಡಲಾಗಿದೆ.

ವಿದ್ಯಾವರ್ಧಕ ಪ್ರಥಮ ದರ್ಜೆ ಕಾಲೇಜಿಗೆ ನ್ಯಾಕ್ ಪೀರ್ ತಂಡ ಭೇಟಿ
ಗಾಂಧಿ ಜಯಂತಿ ಅಂಗವಾಗಿ ಸನ್ನಡತೆ ಆಧಾರದ ಮೇಲೆ ಕೇಂದ್ರ ಕಾರಾಗೃಹದಿಂದ ಖೈದಿಗಳನ್ನು ಬಿಡುಗಡೆ ಮಾಡಲಾಯಿತು. ಕಾರ್ಯಕ್ರಮದಲ್ಲಿ ನ್ಯಾಯಾಧೀಶರು, ಕಾರಾಗೃಹ ಅಧೀಕ್ಷಕರು ಹಾಗೂ ಸಿಬ್ಬಂದಿ ಭಾಗವಹಿಸಿದ್ದರು.
ದಿಂಬಂ ಬಳಿ ಪ್ರಪಾತಕ್ಕೆ ಬಿದ್ದ ಮೈಸೂರಿನ ಖಾಸಗಿ
ಬಸ್: ಇಬ್ಬರ ಸಾವು, 21 ಮಂದಿಗೆ ಗಾಯ

ಮೈಸೂರು, ಅ.5(ಆರ್‌ಕೆ)- ಮೈಸೂರು ತಾಲೂಕು ವರುಣಾ ಕೆರೆಯಲ್ಲಿ ಪ್ರವಾಸಿಗರನ್ನು ಆಕರ್ಷಿಸುವ ನಿಟ್ಟಿನಲ್ಲಿ ಜಲ ಸಾಹಸ ಕ್ರೀಡೆಗಳನ್ನು ಆರಂಭಿಸಲಾಗಿದ್ದು, ಪ್ರವಾಸೋದ್ಯಮ ಸಚಿವರು ಇಂದು ಚಾಲನೆ ನೀಡಿದರು. ವರುಣಾ ಕೆರೆಯ ದಡದಲ್ಲಿ ನಡೆದ ಸಮಾರಂಭದಲ್ಲಿ ಜಿಲ್ಲಾಧಿಕಾರಿ, ಶಾಸಕರು ಹಾಗೂ ಅಧಿಕಾರಿಗಳು ಉಪಸ್ಥಿತರಿದ್ದರು.

ಮೈಸೂರು ನಗರದಲ್ಲಿ ಸಂಚಾರ ನಿಯಮ ಉಲ್ಲಂಘಿಸಿದ ವಾಹನ ಸವಾರರ ವಿರುದ್ಧ ಪೊಲೀಸರು ಕಾರ್ಯಾಚರಣೆ ನಡೆಸಿ ದಂಡ ವಸೂಲಿ ಮಾಡಿದ್ದು, ಹೆಲ್ಮೆಟ್ ಧರಿಸದೆ ಸಂಚರಿಸುವವರು ಹಾಗೂ ದಾಖಲೆ ಇಲ್ಲದ ವಾಹನಗಳ ಮಾಲೀಕರಿಗೆ ಎಚ್ಚರಿಕೆ ನೀಡಲಾಗಿದೆ.

ಗಾಂಧಿ ಜಯಂತಿ ಅಂಗವಾಗಿ ಸನ್ನಡತೆ ಆಧಾರದ ಮೇಲೆ ಕೇಂದ್ರ ಕಾರಾಗೃಹದಿಂದ ಖೈದಿಗಳನ್ನು ಬಿಡುಗಡೆ ಮಾಡಲಾಯಿತು. ಕಾರ್ಯಕ್ರಮದಲ್ಲಿ ನ್ಯಾಯಾಧೀಶರು, ಕಾರಾಗೃಹ ಅಧೀಕ್ಷಕರು ಹಾಗೂ ಸಿಬ್ಬಂದಿ ಭಾಗವಹಿಸಿದ್ದರು.

ಜೋಗತಿ ಕಲ್ಲು ನಾಟಕ ಪ್ರದರ್ಶನ
ಮೈಸೂರು, ಅ.5(ಆರ್‌ಕೆ)- ಮೈಸೂರು ತಾಲೂಕು ವರುಣಾ ಕೆರೆಯಲ್ಲಿ ಪ್ರವಾಸಿಗರನ್ನು ಆಕರ್ಷಿಸುವ ನಿಟ್ಟಿನಲ್ಲಿ ಜಲ ಸಾಹಸ ಕ್ರೀಡೆಗಳನ್ನು ಆರಂಭಿಸಲಾಗಿದ್ದು, ಪ್ರವಾಸೋದ್ಯಮ ಸಚಿವರು ಇಂದು ಚಾಲನೆ ನೀಡಿದರು. ವರುಣಾ ಕೆರೆಯ ದಡದಲ್ಲಿ ನಡೆದ ಸಮಾರಂಭದಲ್ಲಿ ಜಿಲ್ಲಾಧಿಕಾರಿ, ಶಾಸಕರು ಹಾಗೂ ಅಧಿಕಾರಿಗಳು ಉಪಸ್ಥಿತರಿದ್ದರು.
ಗಡಿ ಕಾಯುವ ಸೈನಿಕರಿಗೆ ಮೈಸೂರಿನ ಟೋಪಿ, ಸ್ಕಾರ್ಫ್!

ಮೈಸೂರು ನಗರದಲ್ಲಿ ಸಂಚಾರ ನಿಯಮ ಉಲ್ಲಂಘಿಸಿದ ವಾಹನ ಸವಾರರ ವಿರುದ್ಧ ಪೊಲೀಸರು ಕಾರ್ಯಾಚರಣೆ ನಡೆಸಿ ದಂಡ ವಸೂಲಿ ಮಾಡಿದ್ದು, ಹೆಲ್ಮೆಟ್ ಧರಿಸದೆ ಸಂಚರಿಸುವವರು ಹಾಗೂ ದಾಖಲೆ ಇಲ್ಲದ ವಾಹನಗಳ ಮಾಲೀಕರಿಗೆ ಎಚ್ಚರಿಕೆ ನೀಡಲಾಗಿದೆ.

ಮೈಸೂರು, ಅ.5(ಆರ್‌ಕೆ)- ಮೈಸೂರು ತಾಲೂಕು ವರುಣಾ ಕೆರೆಯಲ್ಲಿ ಪ್ರವಾಸಿಗರನ್ನು ಆಕರ್ಷಿಸುವ ನಿಟ್ಟಿನಲ್ಲಿ ಜಲ ಸಾಹಸ ಕ್ರೀಡೆಗಳನ್ನು ಆರಂಭಿಸಲಾಗಿದ್ದು, ಪ್ರವಾಸೋದ್ಯಮ ಸಚಿವರು ಇಂದು ಚಾಲನೆ ನೀಡಿದರು. ವರುಣಾ ಕೆರೆಯ ದಡದಲ್ಲಿ ನಡೆದ ಸಮಾರಂಭದಲ್ಲಿ ಜಿಲ್ಲಾಧಿಕಾರಿ, ಶಾಸಕರು ಹಾಗೂ ಅಧಿಕಾರಿಗಳು ಉಪಸ್ಥಿತರಿದ್ದರು.

ಗಾಂಧಿ ಜಯಂತಿ ಅಂಗವಾಗಿ ಸನ್ನಡತೆ ಆಧಾರದ ಮೇಲೆ ಕೇಂದ್ರ ಕಾರಾಗೃಹದಿಂದ ಖೈದಿಗಳನ್ನು ಬಿಡುಗಡೆ ಮಾಡಲಾಯಿತು. ಕಾರ್ಯಕ್ರಮದಲ್ಲಿ ನ್ಯಾಯಾಧೀಶರು, ಕಾರಾಗೃಹ ಅಧೀಕ್ಷಕರು ಹಾಗೂ ಸಿಬ್ಬಂದಿ ಭಾಗವಹಿಸಿದ್ದರು.

ಮೈಸೂರು, ಅ.5(ಆರ್‌ಕೆ)- ಮೈಸೂರು ತಾಲೂಕು ವರುಣಾ ಕೆರೆಯಲ್ಲಿ ಪ್ರವಾಸಿಗರನ್ನು ಆಕರ್ಷಿಸುವ ನಿಟ್ಟಿನಲ್ಲಿ ಜಲ ಸಾಹಸ ಕ್ರೀಡೆಗಳನ್ನು ಆರಂಭಿಸಲಾಗಿದ್ದು, ಪ್ರವಾಸೋದ್ಯಮ ಸಚಿವರು ಇಂದು ಚಾಲನೆ ನೀಡಿದರು. ವರುಣಾ ಕೆರೆಯ ದಡದಲ್ಲಿ ನಡೆದ ಸಮಾರಂಭದಲ್ಲಿ ಜಿಲ್ಲಾಧಿಕಾರಿ, ಶಾಸಕರು ಹಾಗೂ ಅಧಿಕಾರಿಗಳು ಉಪಸ್ಥಿತರಿದ್ದರು.

ಮೈಸೂರು ನಗರದಲ್ಲಿ ಸಂಚಾರ ನಿಯಮ ಉಲ್ಲಂಘಿಸಿದ ವಾಹನ ಸವಾರರ ವಿರುದ್ಧ ಪೊಲೀಸರು ಕಾರ್ಯಾಚರಣೆ ನಡೆಸಿ ದಂಡ ವಸೂಲಿ ಮಾಡಿದ್ದು, ಹೆಲ್ಮೆಟ್ ಧರಿಸದೆ ಸಂಚರಿಸುವವರು ಹಾಗೂ ದಾಖಲೆ ಇಲ್ಲದ ವಾಹನಗಳ ಮಾಲೀಕರಿಗೆ ಎಚ್ಚರಿಕೆ ನೀಡಲಾಗಿದೆ.

ಗಾಂಧಿ ಜಯಂತಿ ಅಂಗವಾಗಿ ಸನ್ನಡತೆ ಆಧಾರದ ಮೇಲೆ ಕೇಂದ್ರ ಕಾರಾಗೃಹದಿಂದ ಖೈದಿಗಳನ್ನು ಬಿಡುಗಡೆ ಮಾಡಲಾಯಿತು. ಕಾರ್ಯಕ್ರಮದಲ್ಲಿ ನ್ಯಾಯಾಧೀಶರು, ಕಾರಾಗೃಹ ಅಧೀಕ್ಷಕರು ಹಾಗೂ ಸಿಬ್ಬಂದಿ ಭಾಗವಹಿಸಿದ್ದರು.

ಗಾಂಧಿ ಜಯಂತಿ ಅಂಗವಾಗಿ ಸನ್ನಡತೆ ಆಧಾರದ ಮೇಲೆ ಕೇಂದ್ರ ಕಾರಾಗೃಹದಿಂದ ಖೈದಿಗಳನ್ನು ಬಿಡುಗಡೆ ಮಾಡಲಾಯಿತು. ಕಾರ್ಯಕ್ರಮದಲ್ಲಿ ನ್ಯಾಯಾಧೀಶರು, ಕಾರಾಗೃಹ ಅಧೀಕ್ಷಕರು ಹಾಗೂ ಸಿಬ್ಬಂದಿ ಭಾಗವಹಿಸಿದ್ದರು.

ಮೈಸೂರು ನಗರದಲ್ಲಿ ಸಂಚಾರ ನಿಯಮ ಉಲ್ಲಂಘಿಸಿದ ವಾಹನ ಸವಾರರ ವಿರುದ್ಧ ಪೊಲೀಸರು ಕಾರ್ಯಾಚರಣೆ ನಡೆಸಿ ದಂಡ ವಸೂಲಿ ಮಾಡಿದ್ದು, ಹೆಲ್ಮೆಟ್ ಧರಿಸದೆ ಸಂಚರಿಸುವವರು ಹಾಗೂ ದಾಖಲೆ ಇಲ್ಲದ ವಾಹನಗಳ ಮಾಲೀಕರಿಗೆ ಎಚ್ಚರಿಕೆ ನೀಡಲಾಗಿದೆ.
